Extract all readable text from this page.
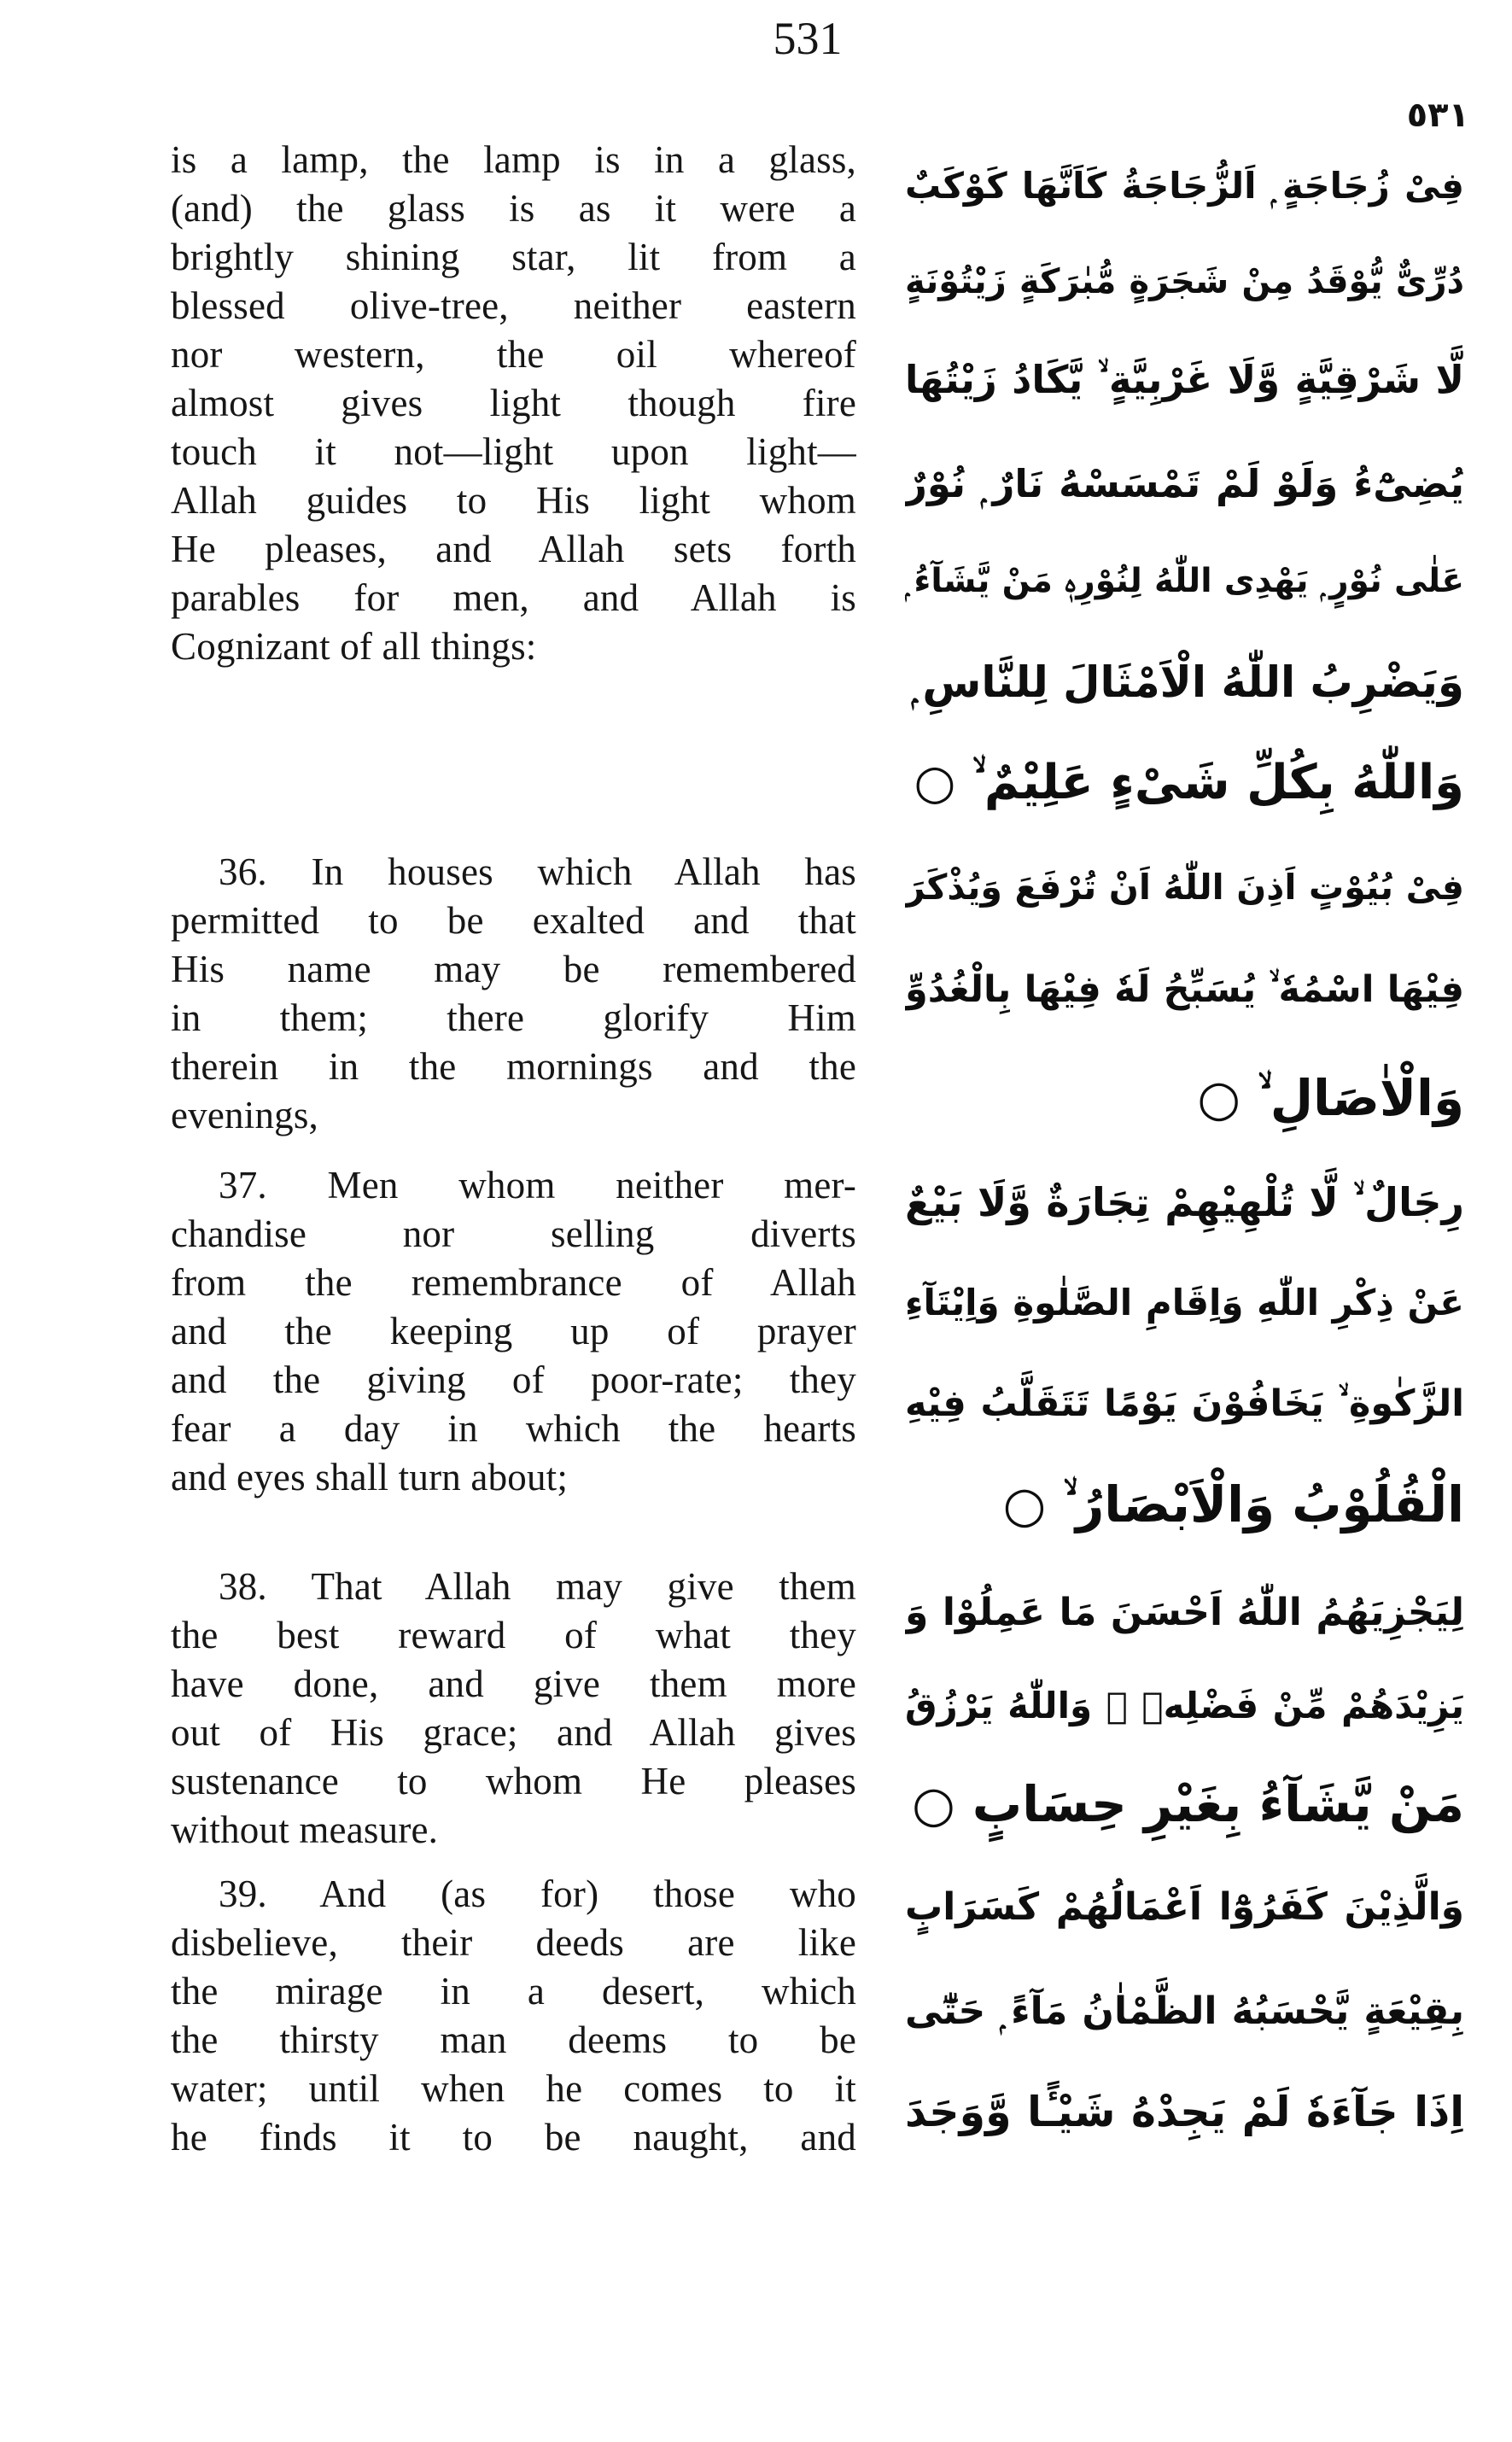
531
٥٣١
is a lamp, the lamp is in a glass,
(and) the glass is as it were a
brightly shining star, lit from a
blessed olive-tree, neither eastern
nor western, the oil whereof
almost gives light though fire
touch it not—light upon light—
Allah guides to His light whom
He pleases, and Allah sets forth
parables for men, and Allah is
Cognizant of all things:
36. In houses which Allah has
permitted to be exalted and that
His name may be remembered
in them; there glorify Him
therein in the mornings and the
evenings,
37. Men whom neither mer-
chandise nor selling diverts
from the remembrance of Allah
and the keeping up of prayer
and the giving of poor-rate; they
fear a day in which the hearts
and eyes shall turn about;
38. That Allah may give them
the best reward of what they
have done, and give them more
out of His grace; and Allah gives
sustenance to whom He pleases
without measure.
39. And (as for) those who
disbelieve, their deeds are like
the mirage in a desert, which
the thirsty man deems to be
water; until when he comes to it
he finds it to be naught, and
فِىْ زُجَاجَةٍ ۭ اَلزُّجَاجَةُ كَاَنَّهَا كَوْكَبٌ
دُرِّىٌّ يُّوْقَدُ مِنْ شَجَرَةٍ مُّبٰرَكَةٍ زَيْتُوْنَةٍ
لَّا شَرْقِيَّةٍ وَّلَا غَرْبِيَّةٍ ۙ يَّكَادُ زَيْتُهَا
يُضِىْٓءُ وَلَوْ لَمْ تَمْسَسْهُ نَارٌ ۭ نُوْرٌ
عَلٰى نُوْرٍ ۭ يَهْدِى اللّٰهُ لِنُوْرِهٖ مَنْ يَّشَآءُ ۭ
وَيَضْرِبُ اللّٰهُ الْاَمْثَالَ لِلنَّاسِ ۭ
وَاللّٰهُ بِكُلِّ شَىْءٍ عَلِيْمٌ ۙ ○
فِىْ بُيُوْتٍ اَذِنَ اللّٰهُ اَنْ تُرْفَعَ وَيُذْكَرَ
فِيْهَا اسْمُهٗ ۙ يُسَبِّحُ لَهٗ فِيْهَا بِالْغُدُوِّ
وَالْاٰصَالِ ۙ ○
رِجَالٌ ۙ لَّا تُلْهِيْهِمْ تِجَارَةٌ وَّلَا بَيْعٌ
عَنْ ذِكْرِ اللّٰهِ وَاِقَامِ الصَّلٰوةِ وَاِيْتَآءِ
الزَّكٰوةِ ۙ يَخَافُوْنَ يَوْمًا تَتَقَلَّبُ فِيْهِ
الْقُلُوْبُ وَالْاَبْصَارُ ۙ ○
لِيَجْزِيَهُمُ اللّٰهُ اَحْسَنَ مَا عَمِلُوْا وَ
يَزِيْدَهُمْ مِّنْ فَضْلِهٖ ۭ وَاللّٰهُ يَرْزُقُ
مَنْ يَّشَآءُ بِغَيْرِ حِسَابٍ ○
وَالَّذِيْنَ كَفَرُوْٓا اَعْمَالُهُمْ كَسَرَابٍ
بِقِيْعَةٍ يَّحْسَبُهُ الظَّمْاٰنُ مَآءً ۭ حَتّٰٓى
اِذَا جَآءَهٗ لَمْ يَجِدْهُ شَيْـًٔا وَّوَجَدَ
